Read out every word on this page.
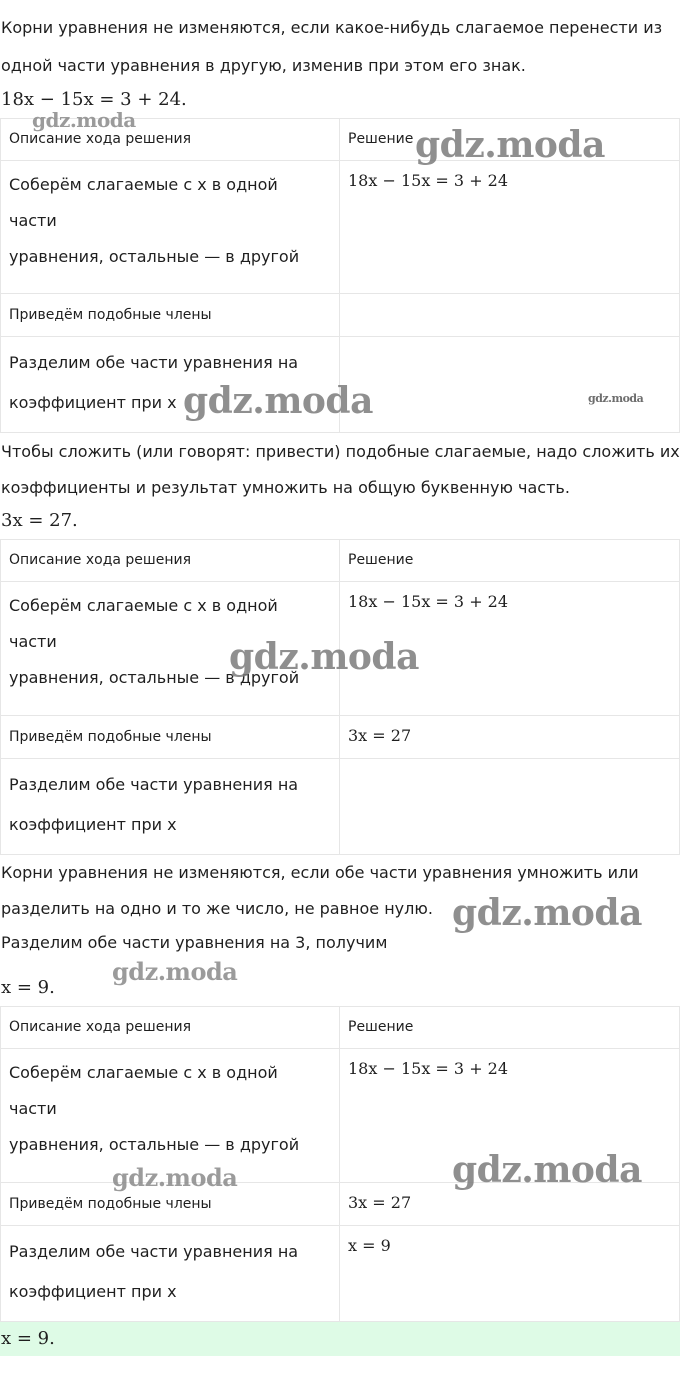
Корни уравнения не изменяются, если какое-нибудь слагаемое перенести из

одной части уравнения в другую, изменив при этом его знак.

18x − 15x = 3 + 24.

Описание хода решения	Решение

Соберём слагаемые с x в одной
части
уравнения, остальные — в другой	18x − 15x = 3 + 24
Приведём подобные члены	

Разделим обе части уравнения на
коэффициент при x	

Чтобы сложить (или говорят: привести) подобные слагаемые, надо сложить их

коэффициенты и результат умножить на общую буквенную часть.

3x = 27.

Описание хода решения	Решение

Соберём слагаемые с x в одной
части
уравнения, остальные — в другой	18x − 15x = 3 + 24
Приведём подобные члены	3x = 27

Разделим обе части уравнения на
коэффициент при x	

Корни уравнения не изменяются, если обе части уравнения умножить или

разделить на одно и то же число, не равное нулю.

Разделим обе части уравнения на 3, получим

x = 9.

Описание хода решения	Решение

Соберём слагаемые с x в одной
части
уравнения, остальные — в другой	18x − 15x = 3 + 24
Приведём подобные члены	3x = 27

Разделим обе части уравнения на
коэффициент при x	x = 9
x = 9.
gdz.moda
gdz.moda
gdz.moda	gdz.moda
gdz.moda
gdz.moda
gdz.moda
gdz.moda
gdz.moda
